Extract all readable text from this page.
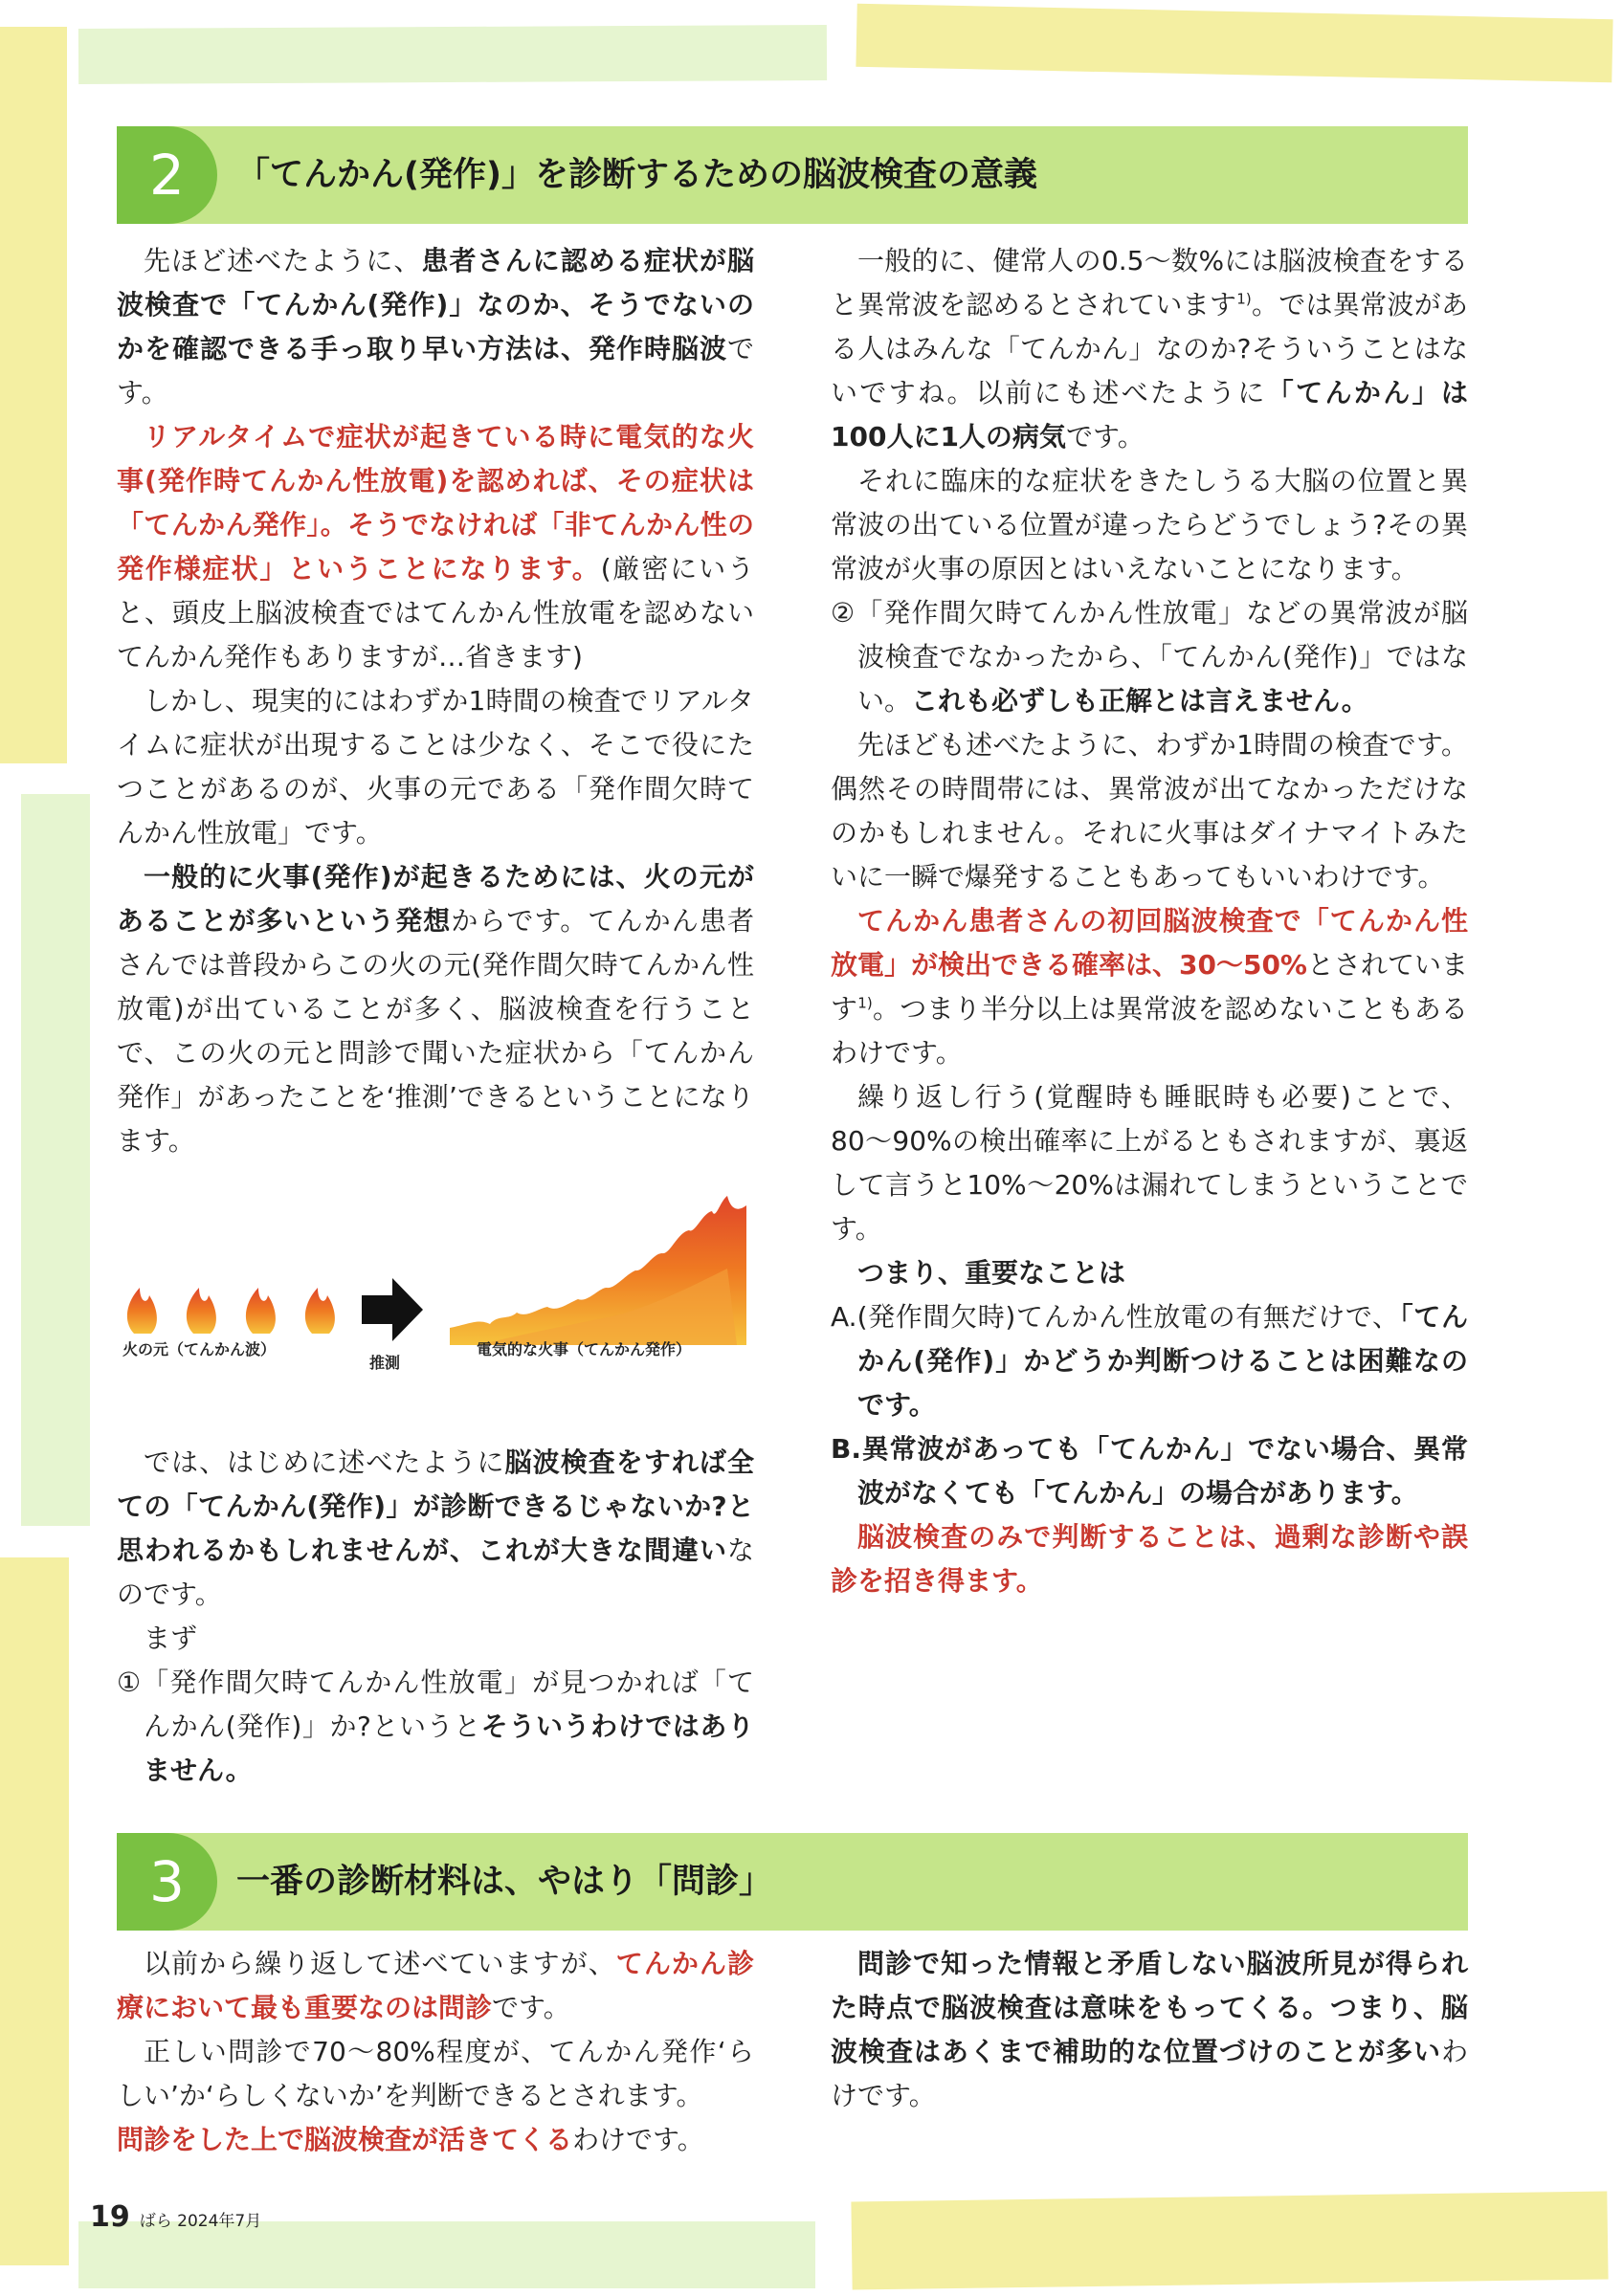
2	「てんかん(発作)」を診断するための脳波検査の意義

先ほど述べたように、患者さんに認める症状が脳波検査で「てんかん(発作)」なのか、そうでないのかを確認できる手っ取り早い方法は、発作時脳波です。

リアルタイムで症状が起きている時に電気的な火事(発作時てんかん性放電)を認めれば、その症状は「てんかん発作」。そうでなければ「非てんかん性の発作様症状」ということになります。(厳密にいうと、頭皮上脳波検査ではてんかん性放電を認めないてんかん発作もありますが…省きます)

しかし、現実的にはわずか1時間の検査でリアルタイムに症状が出現することは少なく、そこで役にたつことがあるのが、火事の元である「発作間欠時てんかん性放電」です。

一般的に火事(発作)が起きるためには、火の元があることが多いという発想からです。てんかん患者さんでは普段からこの火の元(発作間欠時てんかん性放電)が出ていることが多く、脳波検査を行うことで、この火の元と問診で聞いた症状から「てんかん発作」があったことを‘推測’できるということになります。

火の元（てんかん波）
推測
電気的な火事（てんかん発作）

では、はじめに述べたように脳波検査をすれば全ての「てんかん(発作)」が診断できるじゃないか?と思われるかもしれませんが、これが大きな間違いなのです。

まず

①「発作間欠時てんかん性放電」が見つかれば「てんかん(発作)」か?というとそういうわけではありません。

一般的に、健常人の0.5〜数%には脳波検査をすると異常波を認めるとされています$^{1)}$。では異常波がある人はみんな「てんかん」なのか?そういうことはないですね。以前にも述べたように「てんかん」は100人に1人の病気です。

それに臨床的な症状をきたしうる大脳の位置と異常波の出ている位置が違ったらどうでしょう?その異常波が火事の原因とはいえないことになります。

②「発作間欠時てんかん性放電」などの異常波が脳波検査でなかったから、「てんかん(発作)」ではない。これも必ずしも正解とは言えません。

先ほども述べたように、わずか1時間の検査です。偶然その時間帯には、異常波が出てなかっただけなのかもしれません。それに火事はダイナマイトみたいに一瞬で爆発することもあってもいいわけです。

てんかん患者さんの初回脳波検査で「てんかん性放電」が検出できる確率は、30〜50%とされています$^{1)}$。つまり半分以上は異常波を認めないこともあるわけです。

繰り返し行う(覚醒時も睡眠時も必要)ことで、80〜90%の検出確率に上がるともされますが、裏返して言うと10%〜20%は漏れてしまうということです。

つまり、重要なことは

A.(発作間欠時)てんかん性放電の有無だけで、「てんかん(発作)」かどうか判断つけることは困難なのです。

B.異常波があっても「てんかん」でない場合、異常波がなくても「てんかん」の場合があります。

脳波検査のみで判断することは、過剰な診断や誤診を招き得ます。

3	一番の診断材料は、やはり「問診」

以前から繰り返して述べていますが、てんかん診療において最も重要なのは問診です。

正しい問診で70〜80%程度が、てんかん発作‘らしい’か‘らしくないか’を判断できるとされます。

問診をした上で脳波検査が活きてくるわけです。

問診で知った情報と矛盾しない脳波所見が得られた時点で脳波検査は意味をもってくる。つまり、脳波検査はあくまで補助的な位置づけのことが多いわけです。

19 ばら 2024年7月
